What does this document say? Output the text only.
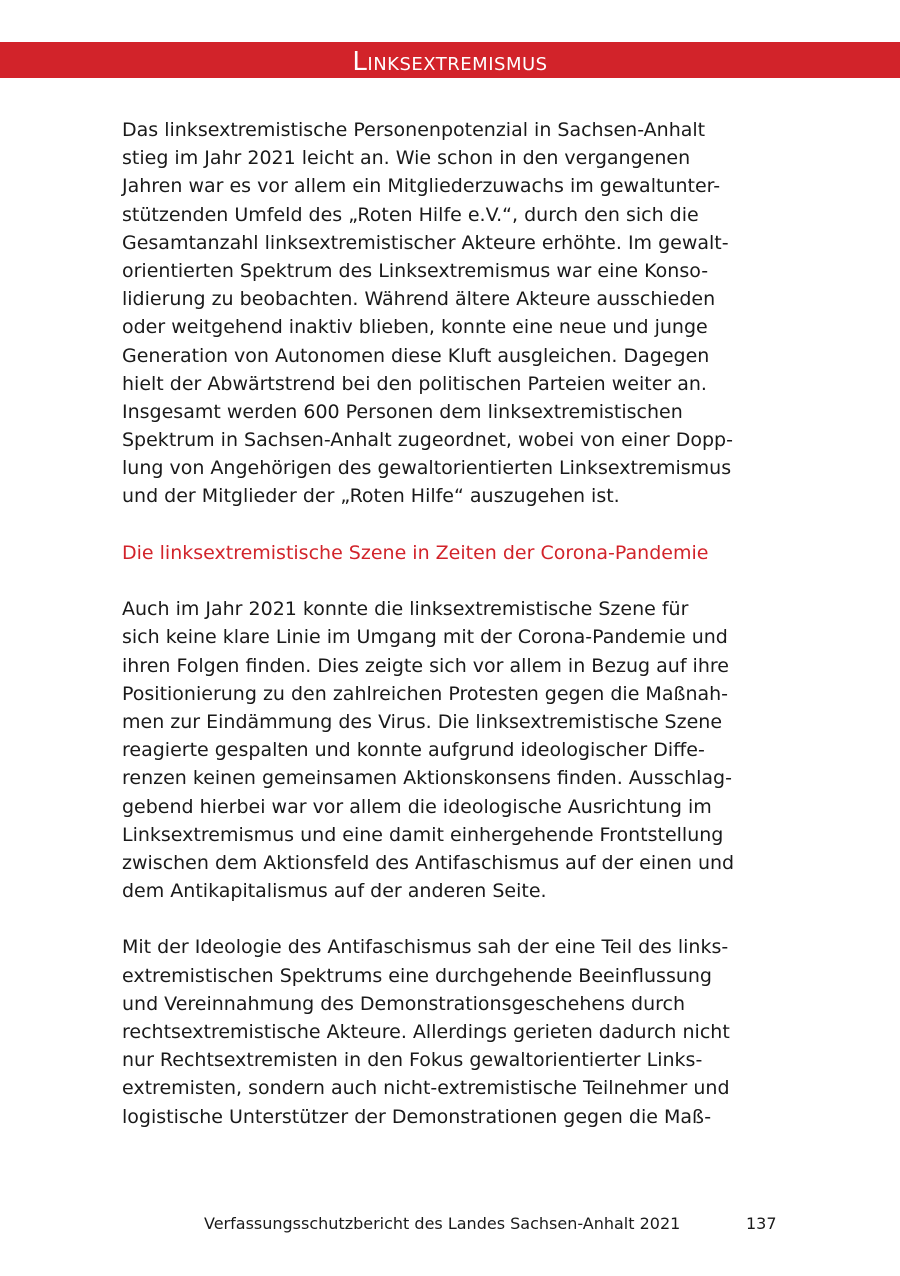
Linksextremismus
Das linksextremistische Personenpotenzial in Sachsen-Anhalt
stieg im Jahr 2021 leicht an. Wie schon in den vergangenen
Jahren war es vor allem ein Mitgliederzuwachs im gewaltunter-
stützenden Umfeld des „Roten Hilfe e.V.“, durch den sich die
Gesamtanzahl linksextremistischer Akteure erhöhte. Im gewalt-
orientierten Spektrum des Linksextremismus war eine Konso-
lidierung zu beobachten. Während ältere Akteure ausschieden
oder weitgehend inaktiv blieben, konnte eine neue und junge
Generation von Autonomen diese Kluft ausgleichen. Dagegen
hielt der Abwärtstrend bei den politischen Parteien weiter an.
Insgesamt werden 600 Personen dem linksextremistischen
Spektrum in Sachsen-Anhalt zugeordnet, wobei von einer Dopp-
lung von Angehörigen des gewaltorientierten Linksextremismus
und der Mitglieder der „Roten Hilfe“ auszugehen ist.
Die linksextremistische Szene in Zeiten der Corona-Pandemie
Auch im Jahr 2021 konnte die linksextremistische Szene für
sich keine klare Linie im Umgang mit der Corona-Pandemie und
ihren Folgen finden. Dies zeigte sich vor allem in Bezug auf ihre
Positionierung zu den zahlreichen Protesten gegen die Maßnah-
men zur Eindämmung des Virus. Die linksextremistische Szene
reagierte gespalten und konnte aufgrund ideologischer Diffe-
renzen keinen gemeinsamen Aktionskonsens finden. Ausschlag-
gebend hierbei war vor allem die ideologische Ausrichtung im
Linksextremismus und eine damit einhergehende Frontstellung
zwischen dem Aktionsfeld des Antifaschismus auf der einen und
dem Antikapitalismus auf der anderen Seite.
Mit der Ideologie des Antifaschismus sah der eine Teil des links-
extremistischen Spektrums eine durchgehende Beeinflussung
und Vereinnahmung des Demonstrationsgeschehens durch
rechtsextremistische Akteure. Allerdings gerieten dadurch nicht
nur Rechtsextremisten in den Fokus gewaltorientierter Links-
extremisten, sondern auch nicht-extremistische Teilnehmer und
logistische Unterstützer der Demonstrationen gegen die Maß-
Verfassungsschutzbericht des Landes Sachsen-Anhalt 2021	137
